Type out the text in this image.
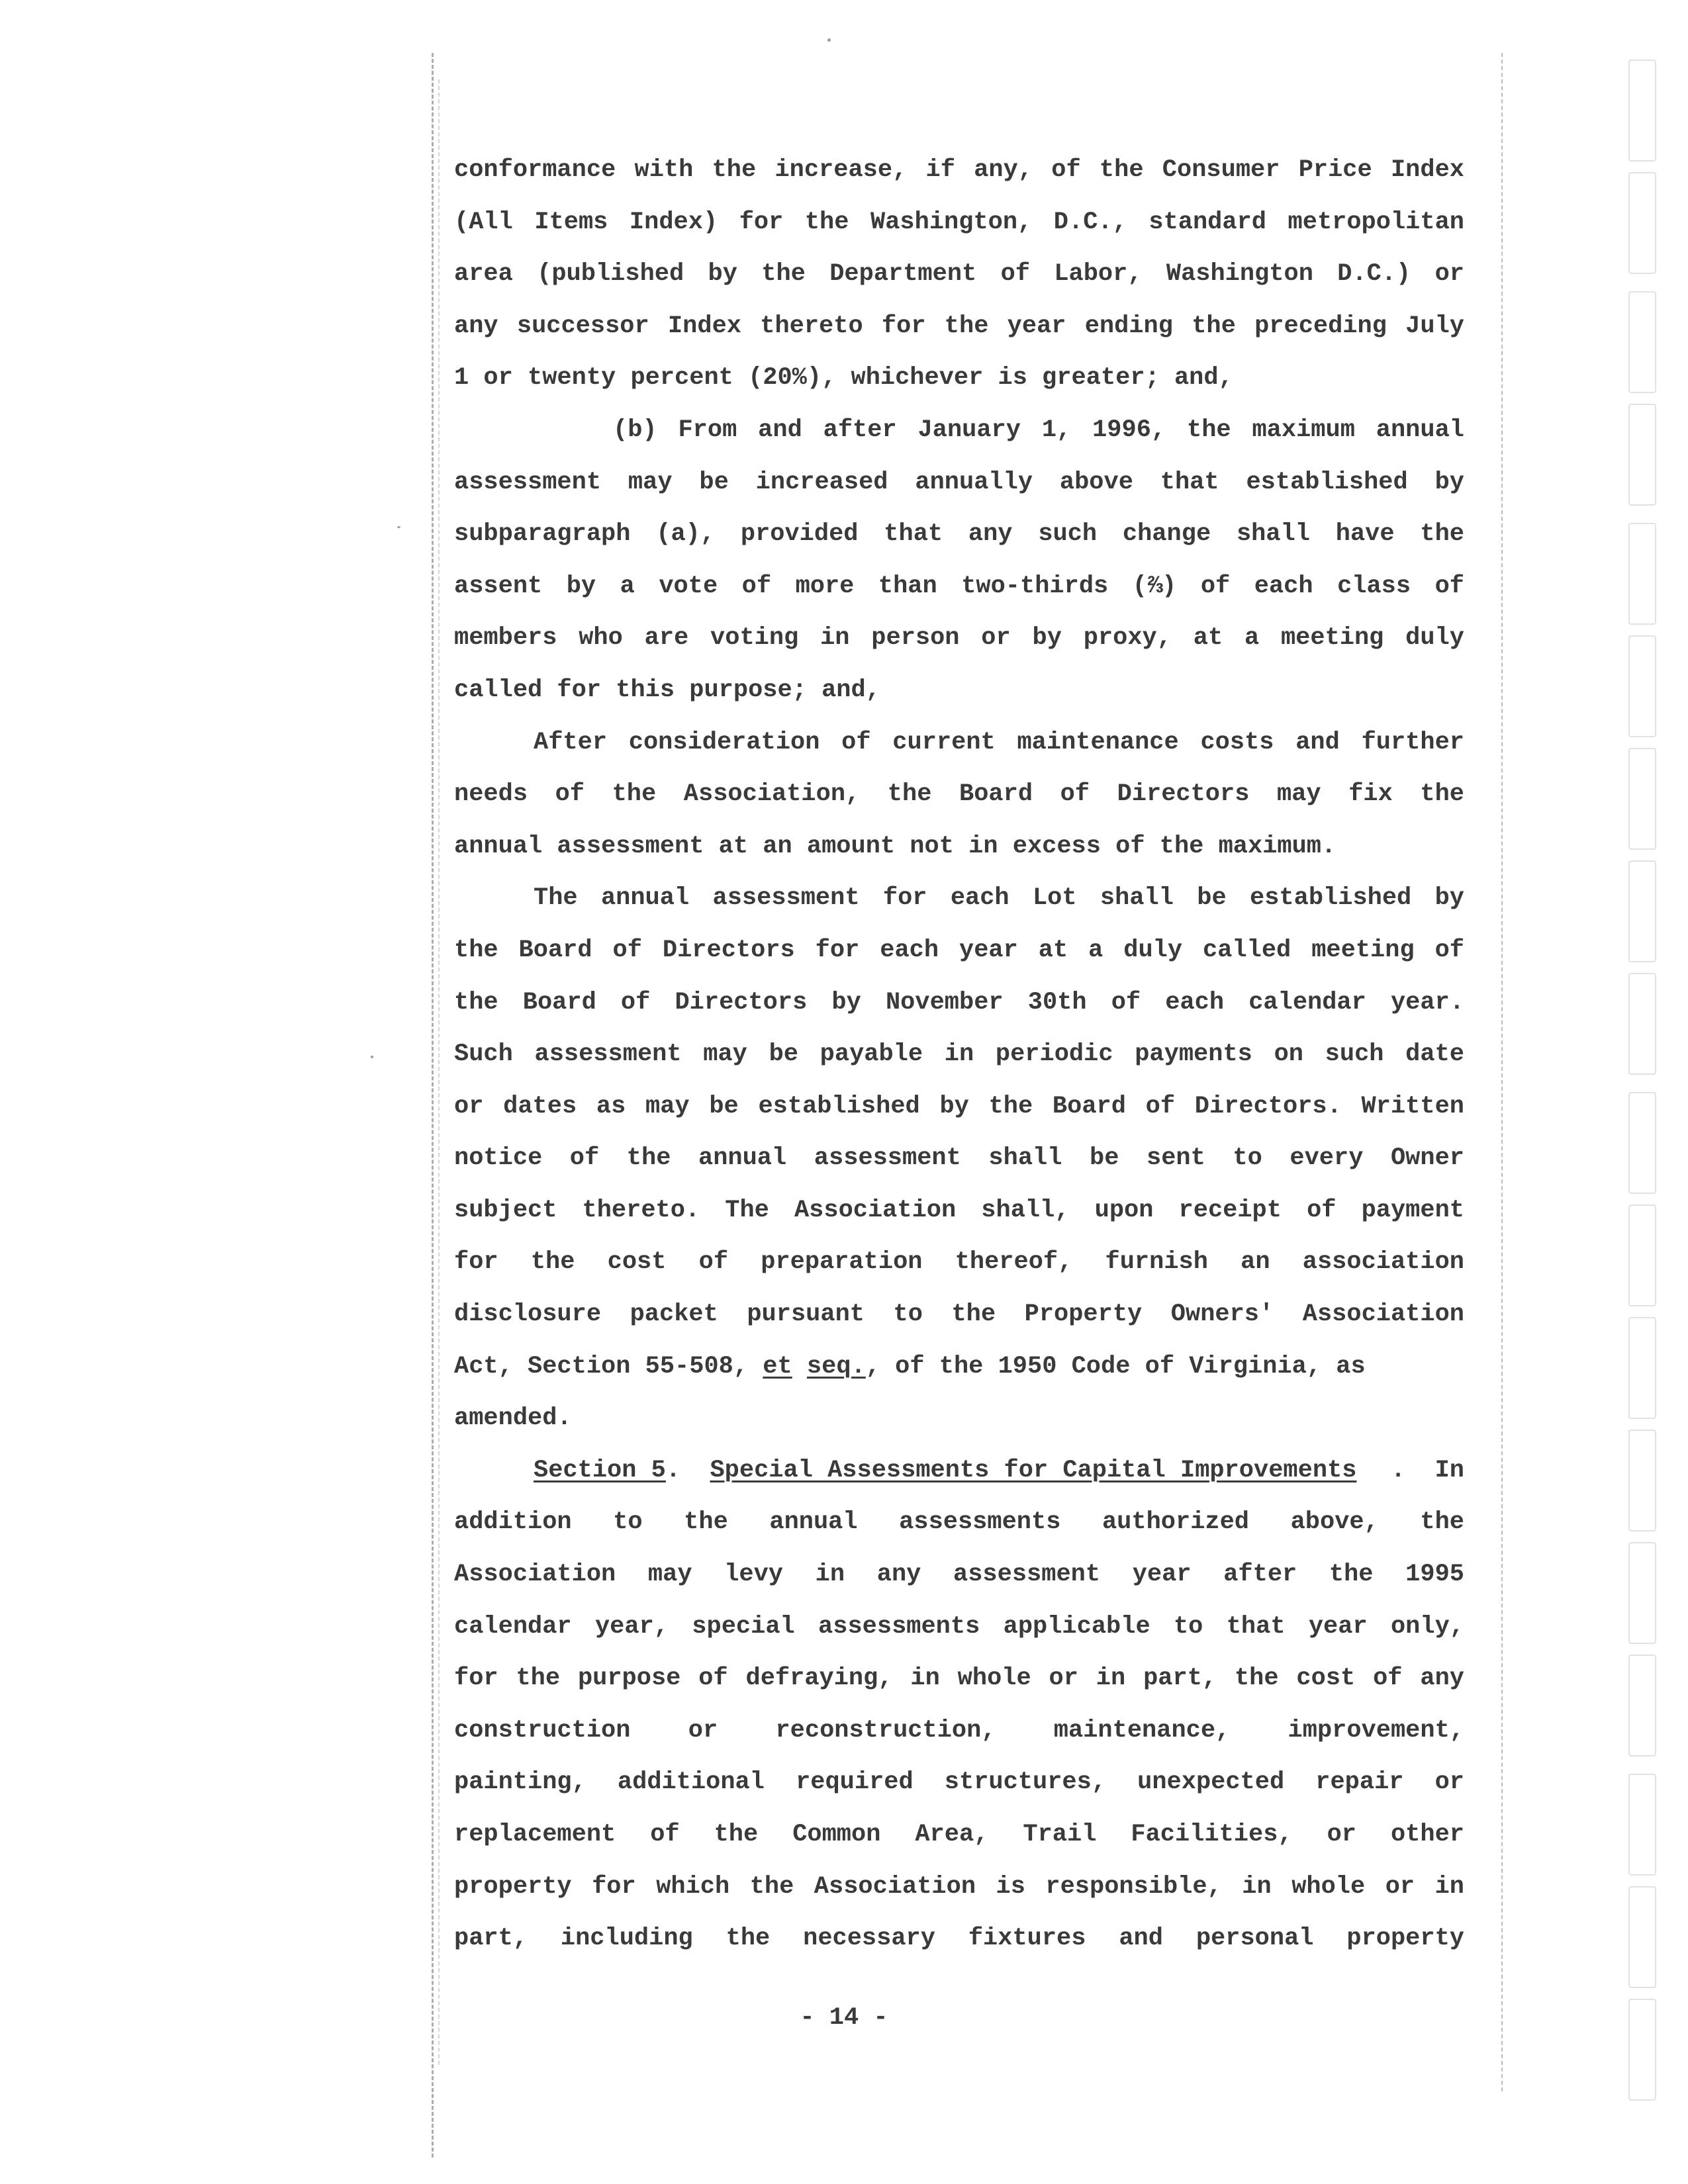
conformance with the increase, if any, of the Consumer Price Index
(All Items Index) for the Washington, D.C., standard metropolitan
area (published by the Department of Labor, Washington D.C.) or
any successor Index thereto for the year ending the preceding July
1 or twenty percent (20%), whichever is greater; and,
(b) From and after January 1, 1996, the maximum annual
assessment may be increased annually above that established by
subparagraph (a), provided that any such change shall have the
assent by a vote of more than two-thirds (⅔) of each class of
members who are voting in person or by proxy, at a meeting duly
called for this purpose; and,
After consideration of current maintenance costs and further
needs of the Association, the Board of Directors may fix the
annual assessment at an amount not in excess of the maximum.
The annual assessment for each Lot shall be established by
the Board of Directors for each year at a duly called meeting of
the Board of Directors by November 30th of each calendar year.
Such assessment may be payable in periodic payments on such date
or dates as may be established by the Board of Directors. Written
notice of the annual assessment shall be sent to every Owner
subject thereto. The Association shall, upon receipt of payment
for the cost of preparation thereof, furnish an association
disclosure packet pursuant to the Property Owners' Association
Act, Section 55-508, et seq., of the 1950 Code of Virginia, as
amended.
Section 5.  Special Assessments for Capital Improvements .  In
addition to the annual assessments authorized above, the
Association may levy in any assessment year after the 1995
calendar year, special assessments applicable to that year only,
for the purpose of defraying, in whole or in part, the cost of any
construction or reconstruction, maintenance, improvement,
painting, additional required structures, unexpected repair or
replacement of the Common Area, Trail Facilities, or other
property for which the Association is responsible, in whole or in
part, including the necessary fixtures and personal property
- 14 -
